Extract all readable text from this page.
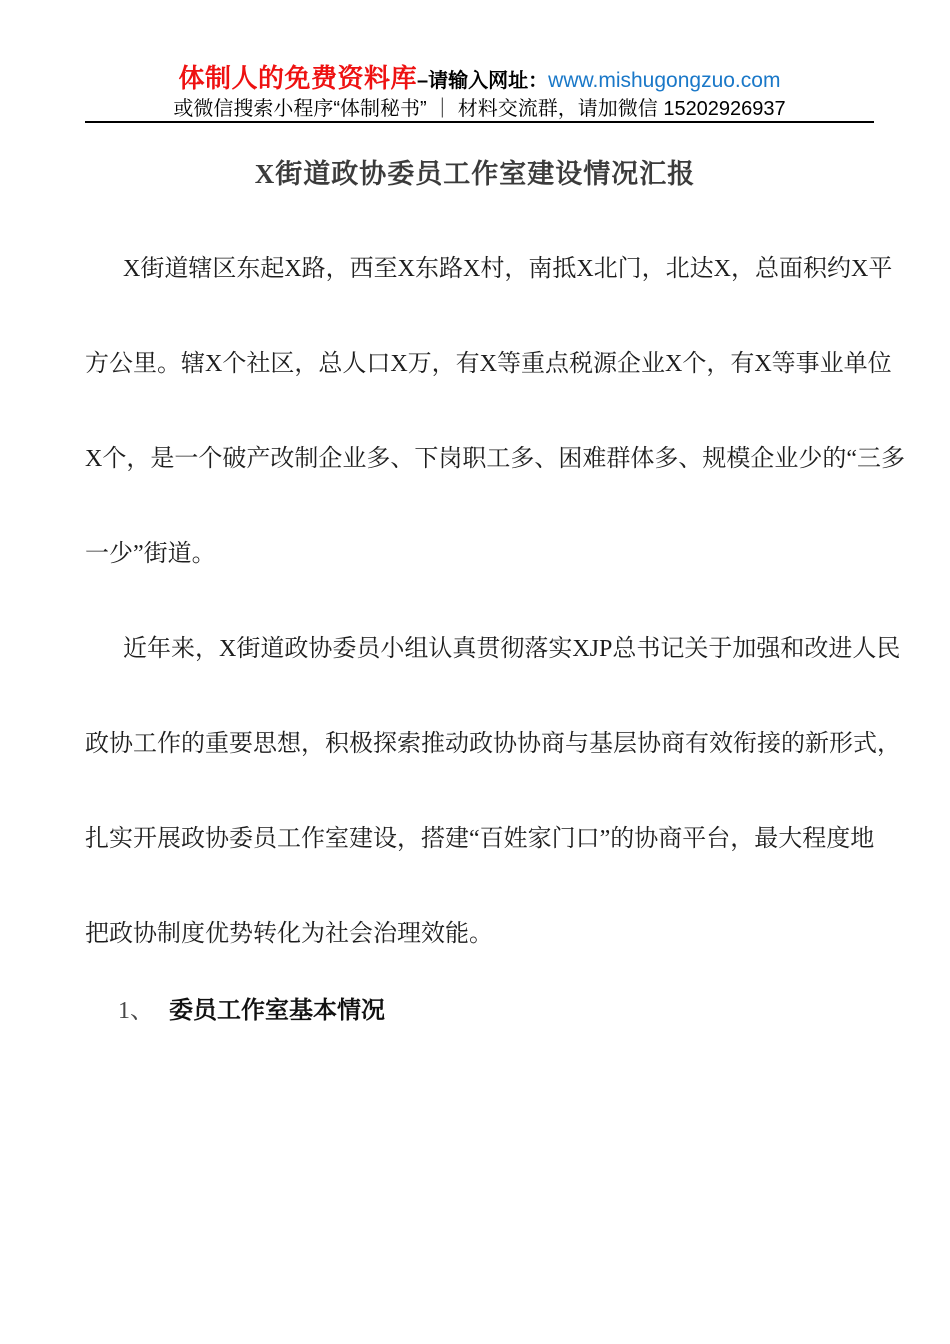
体制人的免费资料库–请输入网址：www.mishugongzuo.com
或微信搜索小程序“体制秘书” ｜ 材料交流群，请加微信 15202926937
X街道政协委员工作室建设情况汇报
X街道辖区东起X路，西至X东路X村，南抵X北门，北达X，总面积约X平
方公里。辖X个社区，总人口X万，有X等重点税源企业X个，有X等事业单位
X个，是一个破产改制企业多、下岗职工多、困难群体多、规模企业少的“三多
一少”街道。
近年来，X街道政协委员小组认真贯彻落实XJP总书记关于加强和改进人民
政协工作的重要思想，积极探索推动政协协商与基层协商有效衔接的新形式，
扎实开展政协委员工作室建设，搭建“百姓家门口”的协商平台，最大程度地
把政协制度优势转化为社会治理效能。
1、 委员工作室基本情况
